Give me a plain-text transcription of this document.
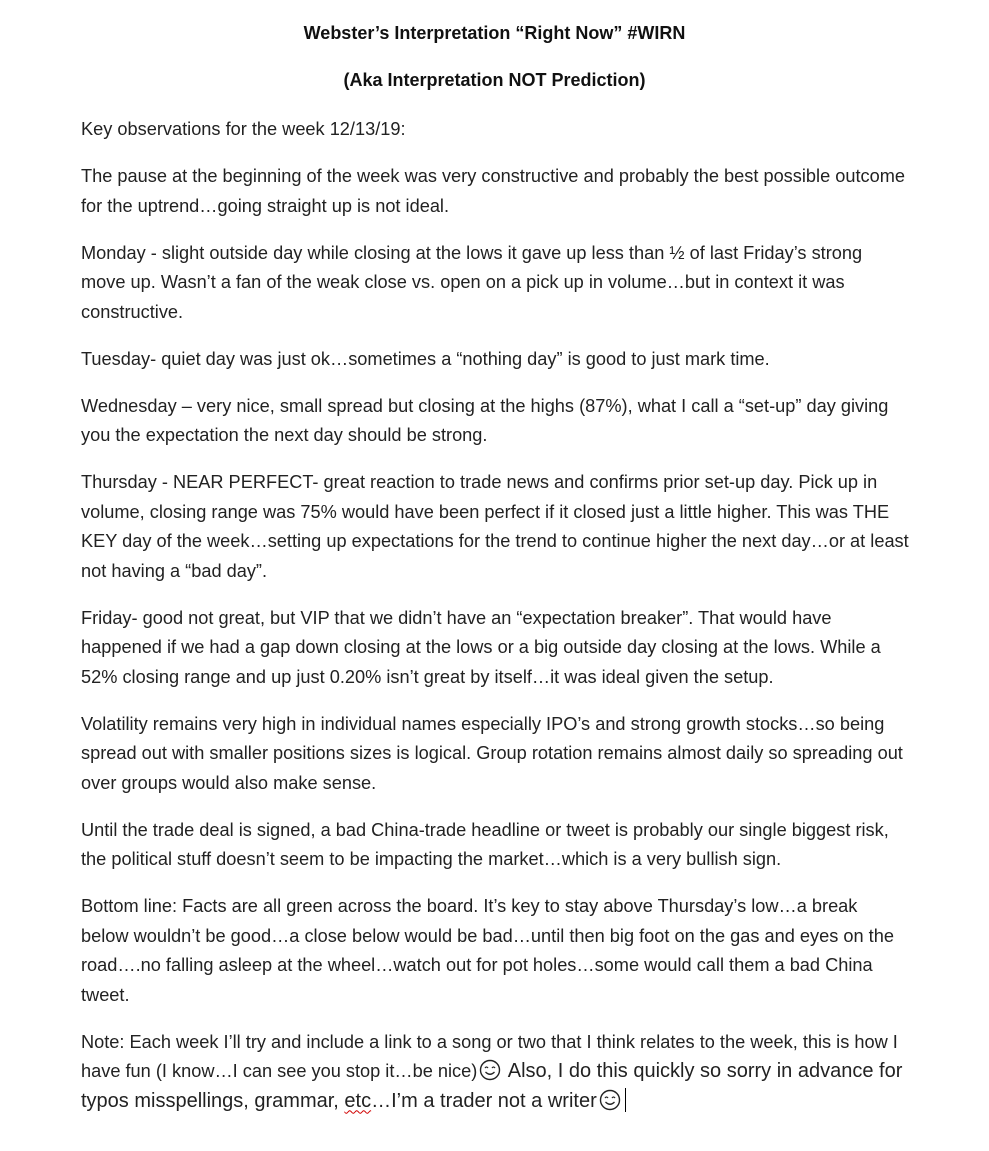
Webster’s Interpretation “Right Now” #WIRN
(Aka Interpretation NOT Prediction)

Key observations for the week 12/13/19:

The pause at the beginning of the week was very constructive and probably the best possible outcome for the uptrend…going straight up is not ideal.

Monday - slight outside day while closing at the lows it gave up less than ½ of last Friday’s strong move up. Wasn’t a fan of the weak close vs. open on a pick up in volume…but in context it was constructive.

Tuesday- quiet day was just ok…sometimes a “nothing day” is good to just mark time.

Wednesday – very nice, small spread but closing at the highs (87%), what I call a “set-up” day giving you the expectation the next day should be strong.

Thursday - NEAR PERFECT- great reaction to trade news and confirms prior set-up day. Pick up in volume, closing range was 75% would have been perfect if it closed just a little higher. This was THE KEY day of the week…setting up expectations for the trend to continue higher the next day…or at least not having a “bad day”.

Friday- good not great, but VIP that we didn’t have an “expectation breaker”. That would have happened if we had a gap down closing at the lows or a big outside day closing at the lows. While a 52% closing range and up just 0.20% isn’t great by itself…it was ideal given the setup.

Volatility remains very high in individual names especially IPO’s and strong growth stocks…so being spread out with smaller positions sizes is logical. Group rotation remains almost daily so spreading out over groups would also make sense.

Until the trade deal is signed, a bad China-trade headline or tweet is probably our single biggest risk, the political stuff doesn’t seem to be impacting the market…which is a very bullish sign.

Bottom line: Facts are all green across the board. It’s key to stay above Thursday’s low…a break below wouldn’t be good…a close below would be bad…until then big foot on the gas and eyes on the road….no falling asleep at the wheel…watch out for pot holes…some would call them a bad China tweet.

Note: Each week I’ll try and include a link to a song or two that I think relates to the week, this is how I have fun (I know…I can see you stop it…be nice) Also, I do this quickly so sorry in advance for typos misspellings, grammar, etc…I’m a trader not a writer
